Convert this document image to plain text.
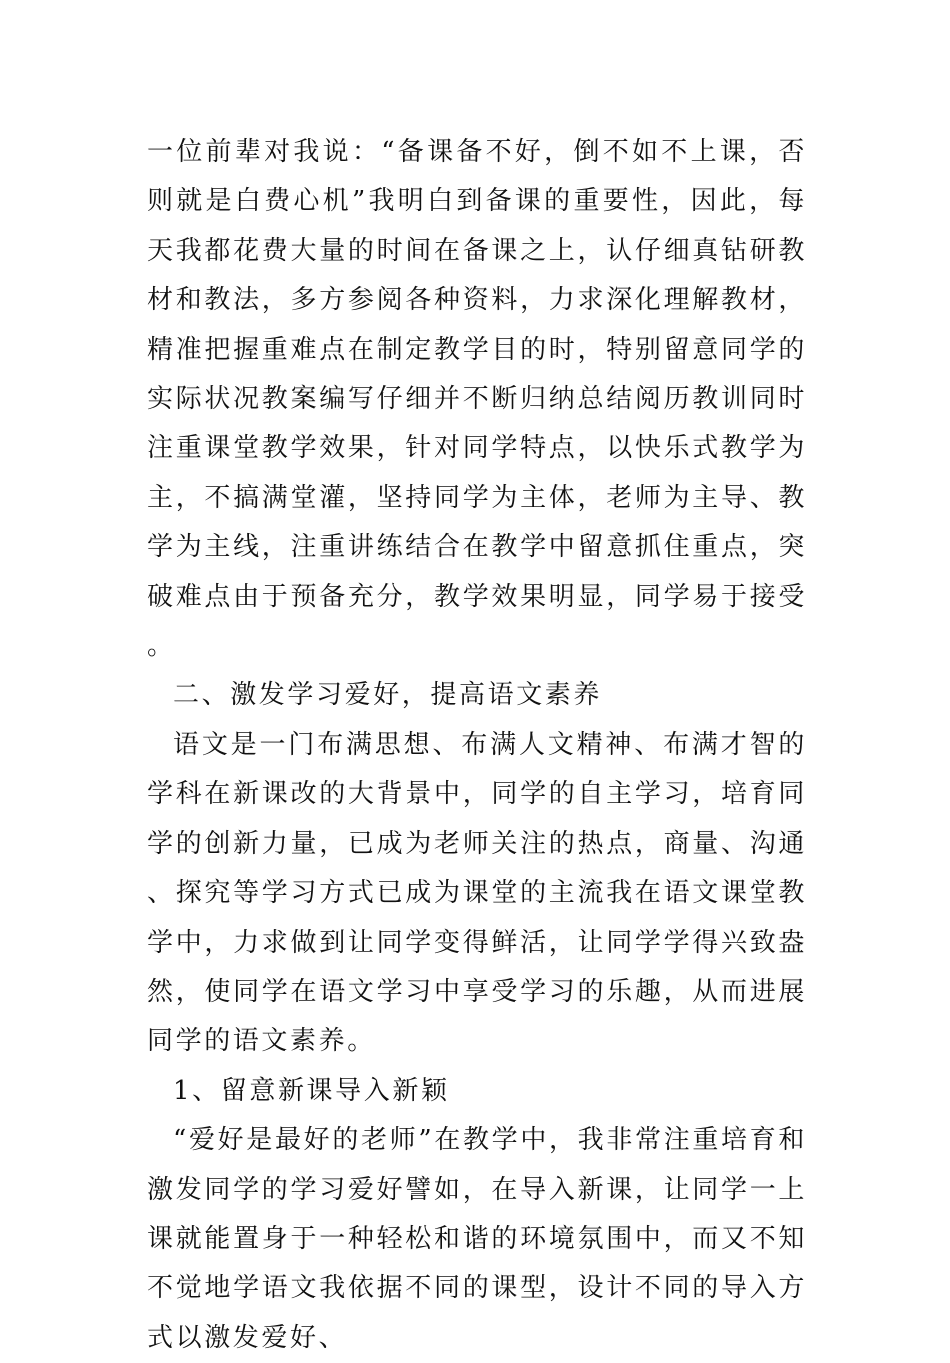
一位前辈对我说：“备课备不好，倒不如不上课，否则就是白费心机”我明白到备课的重要性，因此，每天我都花费大量的时间在备课之上，认仔细真钻研教材和教法，多方参阅各种资料，力求深化理解教材，精准把握重难点在制定教学目的时，特别留意同学的实际状况教案编写仔细并不断归纳总结阅历教训同时注重课堂教学效果，针对同学特点，以快乐式教学为主，不搞满堂灌，坚持同学为主体，老师为主导、教学为主线，注重讲练结合在教学中留意抓住重点，突破难点由于预备充分，教学效果明显，同学易于接受。

二、激发学习爱好，提高语文素养

语文是一门布满思想、布满人文精神、布满才智的学科在新课改的大背景中，同学的自主学习，培育同学的创新力量，已成为老师关注的热点，商量、沟通、探究等学习方式已成为课堂的主流我在语文课堂教学中，力求做到让同学变得鲜活，让同学学得兴致盎然，使同学在语文学习中享受学习的乐趣，从而进展同学的语文素养。

1、留意新课导入新颖

“爱好是最好的老师”在教学中，我非常注重培育和激发同学的学习爱好譬如，在导入新课，让同学一上课就能置身于一种轻松和谐的环境氛围中，而又不知不觉地学语文我依据不同的课型，设计不同的导入方式以激发爱好、
